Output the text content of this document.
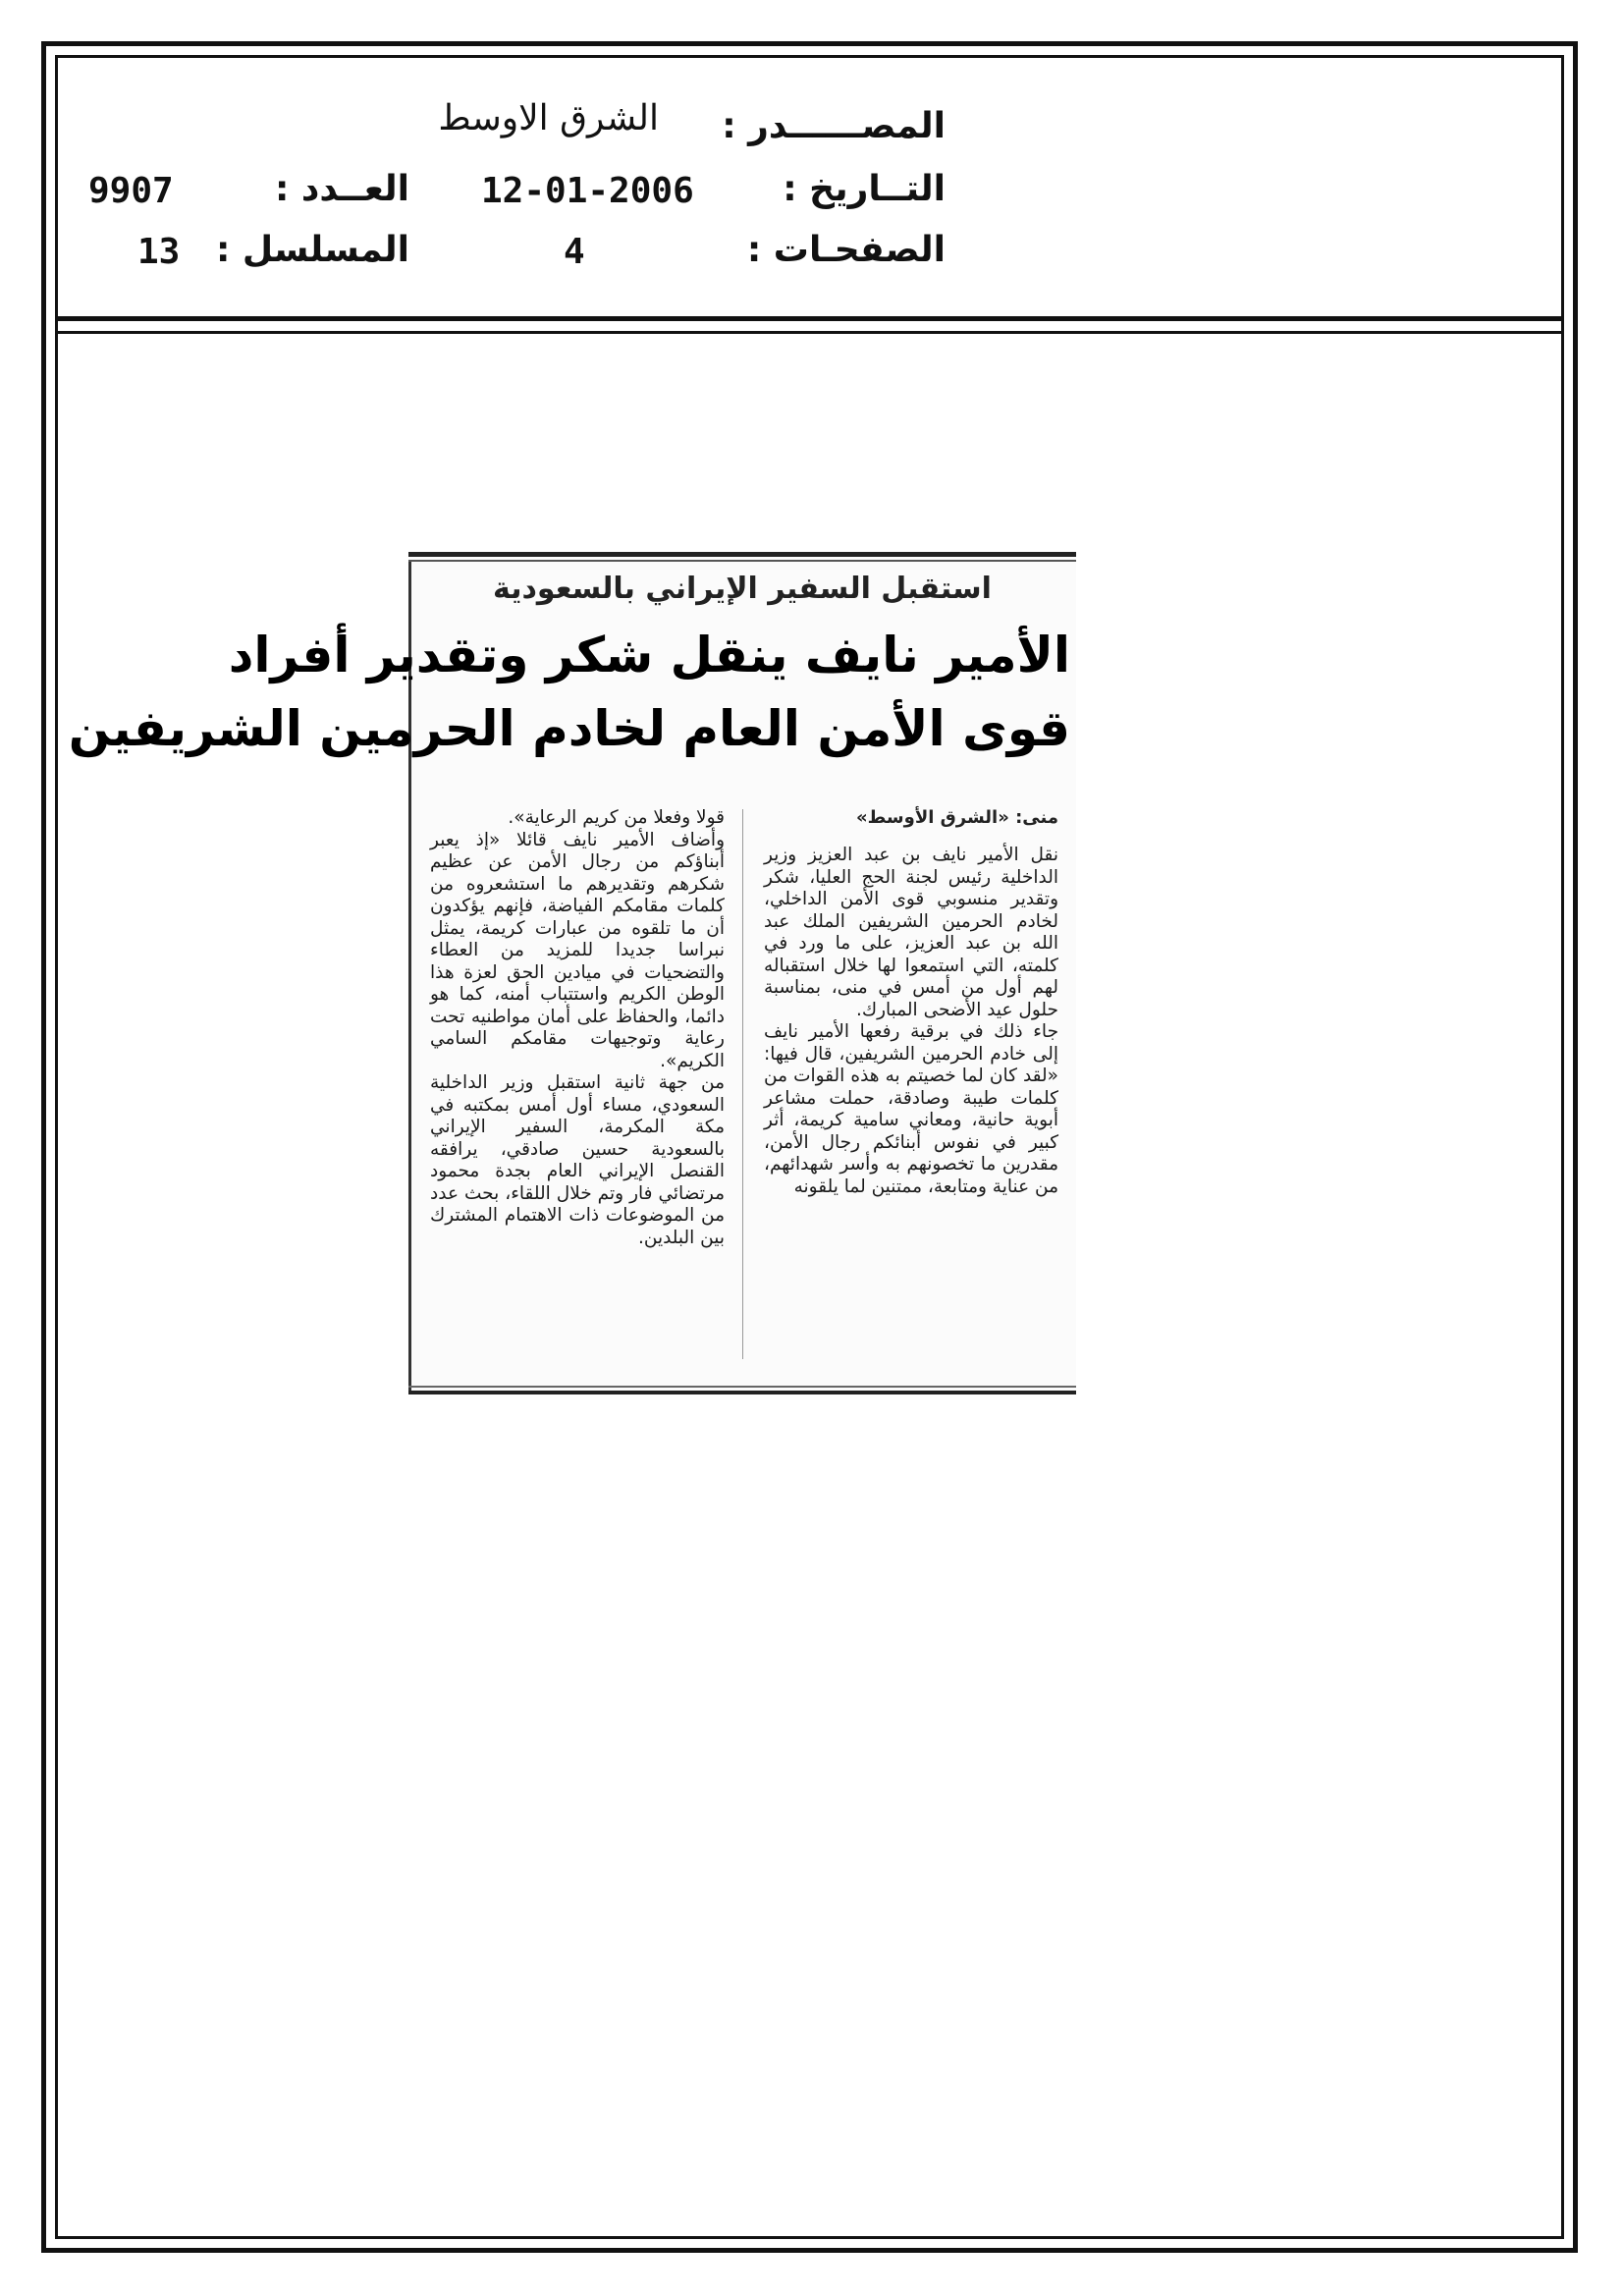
المصــــــدر :
الشرق الاوسط
التــاريخ :
12-01-2006
العــدد :
9907
الصفحـات :
4
المسلسل :
13
استقبل السفير الإيراني بالسعودية
الأمير نايف ينقل شكر وتقدير أفراد
قوى الأمن العام لخادم الحرمين الشريفين
منى: «الشرق الأوسط»

نقل الأمير نايف بن عبد العزيز وزير الداخلية رئيس لجنة الحج العليا، شكر وتقدير منسوبي قوى الأمن الداخلي، لخادم الحرمين الشريفين الملك عبد الله بن عبد العزيز، على ما ورد في كلمته، التي استمعوا لها خلال استقباله لهم أول من أمس في منى، بمناسبة حلول عيد الأضحى المبارك.

جاء ذلك في برقية رفعها الأمير نايف إلى خادم الحرمين الشريفين، قال فيها: «لقد كان لما خصيتم به هذه القوات من كلمات طيبة وصادقة، حملت مشاعر أبوية حانية، ومعاني سامية كريمة، أثر كبير في نفوس أبنائكم رجال الأمن، مقدرين ما تخصونهم به وأسر شهدائهم، من عناية ومتابعة، ممتنين لما يلقونه

قولا وفعلا من كريم الرعاية».

وأضاف الأمير نايف قائلا «إذ يعبر أبناؤكم من رجال الأمن عن عظيم شكرهم وتقديرهم ما استشعروه من كلمات مقامكم الفياضة، فإنهم يؤكدون أن ما تلقوه من عبارات كريمة، يمثل نبراسا جديدا للمزيد من العطاء والتضحيات في ميادين الحق لعزة هذا الوطن الكريم واستتباب أمنه، كما هو دائما، والحفاظ على أمان مواطنيه تحت رعاية وتوجيهات مقامكم السامي الكريم».

من جهة ثانية استقبل وزير الداخلية السعودي، مساء أول أمس بمكتبه في مكة المكرمة، السفير الإيراني بالسعودية حسين صادقي، يرافقه القنصل الإيراني العام بجدة محمود مرتضائي فار وتم خلال اللقاء، بحث عدد من الموضوعات ذات الاهتمام المشترك بين البلدين.
